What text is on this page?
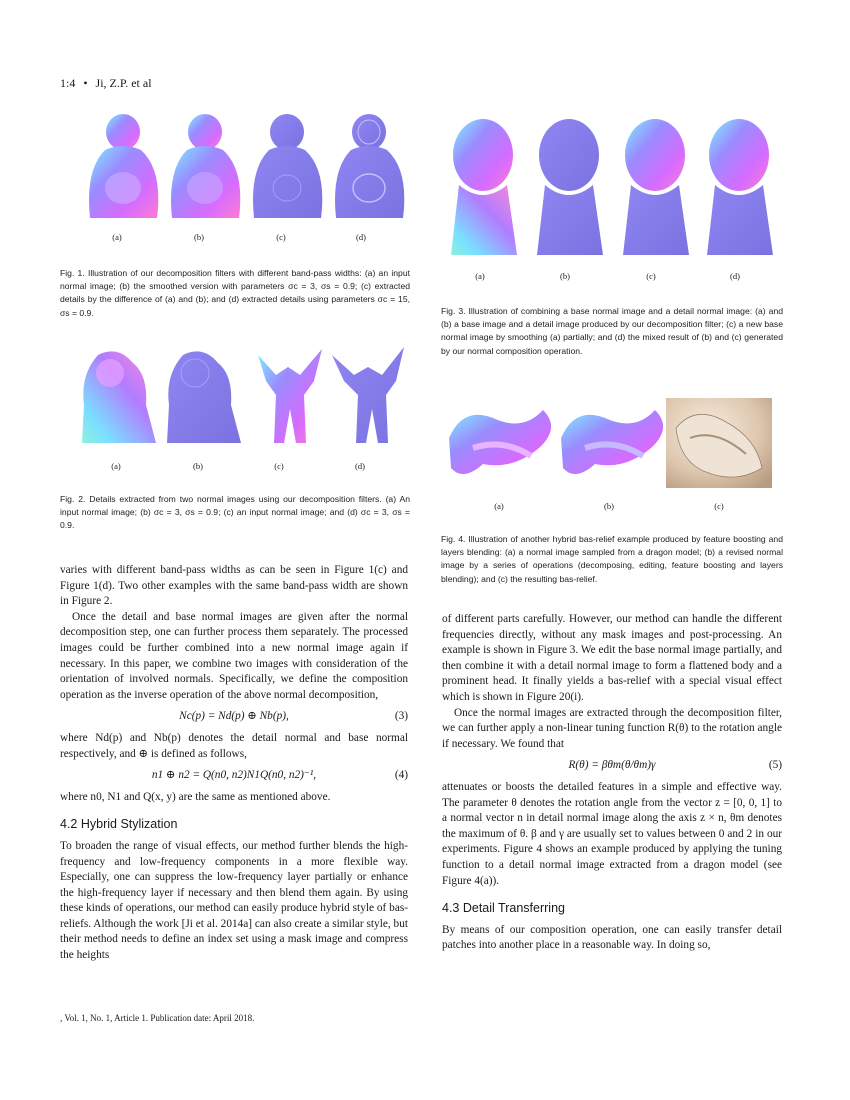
1:4 • Ji, Z.P. et al
(a)	(b)	(c)	(d)
Fig. 1. Illustration of our decomposition filters with different band-pass widths: (a) an input normal image; (b) the smoothed version with parameters σc = 3, σs = 0.9; (c) extracted details by the difference of (a) and (b); and (d) extracted details using parameters σc = 15, σs = 0.9.
(a)	(b)	(c)	(d)
Fig. 2. Details extracted from two normal images using our decomposition filters. (a) An input normal image; (b) σc = 3, σs = 0.9; (c) an input normal image; and (d) σc = 3, σs = 0.9.
(a)	(b)	(c)	(d)
Fig. 3. Illustration of combining a base normal image and a detail normal image: (a) and (b) a base image and a detail image produced by our decomposition filter; (c) a new base normal image by smoothing (a) partially; and (d) the mixed result of (b) and (c) generated by our normal composition operation.
(a)	(b)	(c)
Fig. 4. Illustration of another hybrid bas-relief example produced by feature boosting and layers blending: (a) a normal image sampled from a dragon model; (b) a revised normal image by a series of operations (decomposing, editing, feature boosting and layers blending); and (c) the resulting bas-relief.

varies with different band-pass widths as can be seen in Figure 1(c) and Figure 1(d). Two other examples with the same band-pass width are shown in Figure 2.

Once the detail and base normal images are given after the normal decomposition step, one can further process them separately. The processed images could be further combined into a new normal image again if necessary. In this paper, we combine two images with consideration of the orientation of involved normals. Specifically, we define the composition operation as the inverse operation of the above normal decomposition,

Nc(p) = Nd(p) ⊕ Nb(p),	(3)

where Nd(p) and Nb(p) denotes the detail normal and base normal respectively, and ⊕ is defined as follows,

n1 ⊕ n2 = Q(n0, n2)N1Q(n0, n2)⁻¹,	(4)

where n0, N1 and Q(x, y) are the same as mentioned above.

4.2 Hybrid Stylization

To broaden the range of visual effects, our method further blends the high-frequency and low-frequency components in a more flexible way. Especially, one can suppress the low-frequency layer partially or enhance the high-frequency layer if necessary and then blend them again. By using these kinds of operations, our method can easily produce hybrid style of bas-reliefs. Although the work [Ji et al. 2014a] can also create a similar style, but their method needs to define an index set using a mask image and compress the heights

of different parts carefully. However, our method can handle the different frequencies directly, without any mask images and post-processing. An example is shown in Figure 3. We edit the base normal image partially, and then combine it with a detail normal image to form a flattened body and a prominent head. It finally yields a bas-relief with a special visual effect which is shown in Figure 20(i).

Once the normal images are extracted through the decomposition filter, we can further apply a non-linear tuning function R(θ) to the rotation angle if necessary. We found that

R(θ) = βθm(θ/θm)γ	(5)

attenuates or boosts the detailed features in a simple and effective way. The parameter θ denotes the rotation angle from the vector z = [0, 0, 1] to a normal vector n in detail normal image along the axis z × n, θm denotes the maximum of θ. β and γ are usually set to values between 0 and 2 in our experiments. Figure 4 shows an example produced by applying the tuning function to a detail normal image extracted from a dragon model (see Figure 4(a)).

4.3 Detail Transferring

By means of our composition operation, one can easily transfer detail patches into another place in a reasonable way. In doing so,

, Vol. 1, No. 1, Article 1. Publication date: April 2018.
